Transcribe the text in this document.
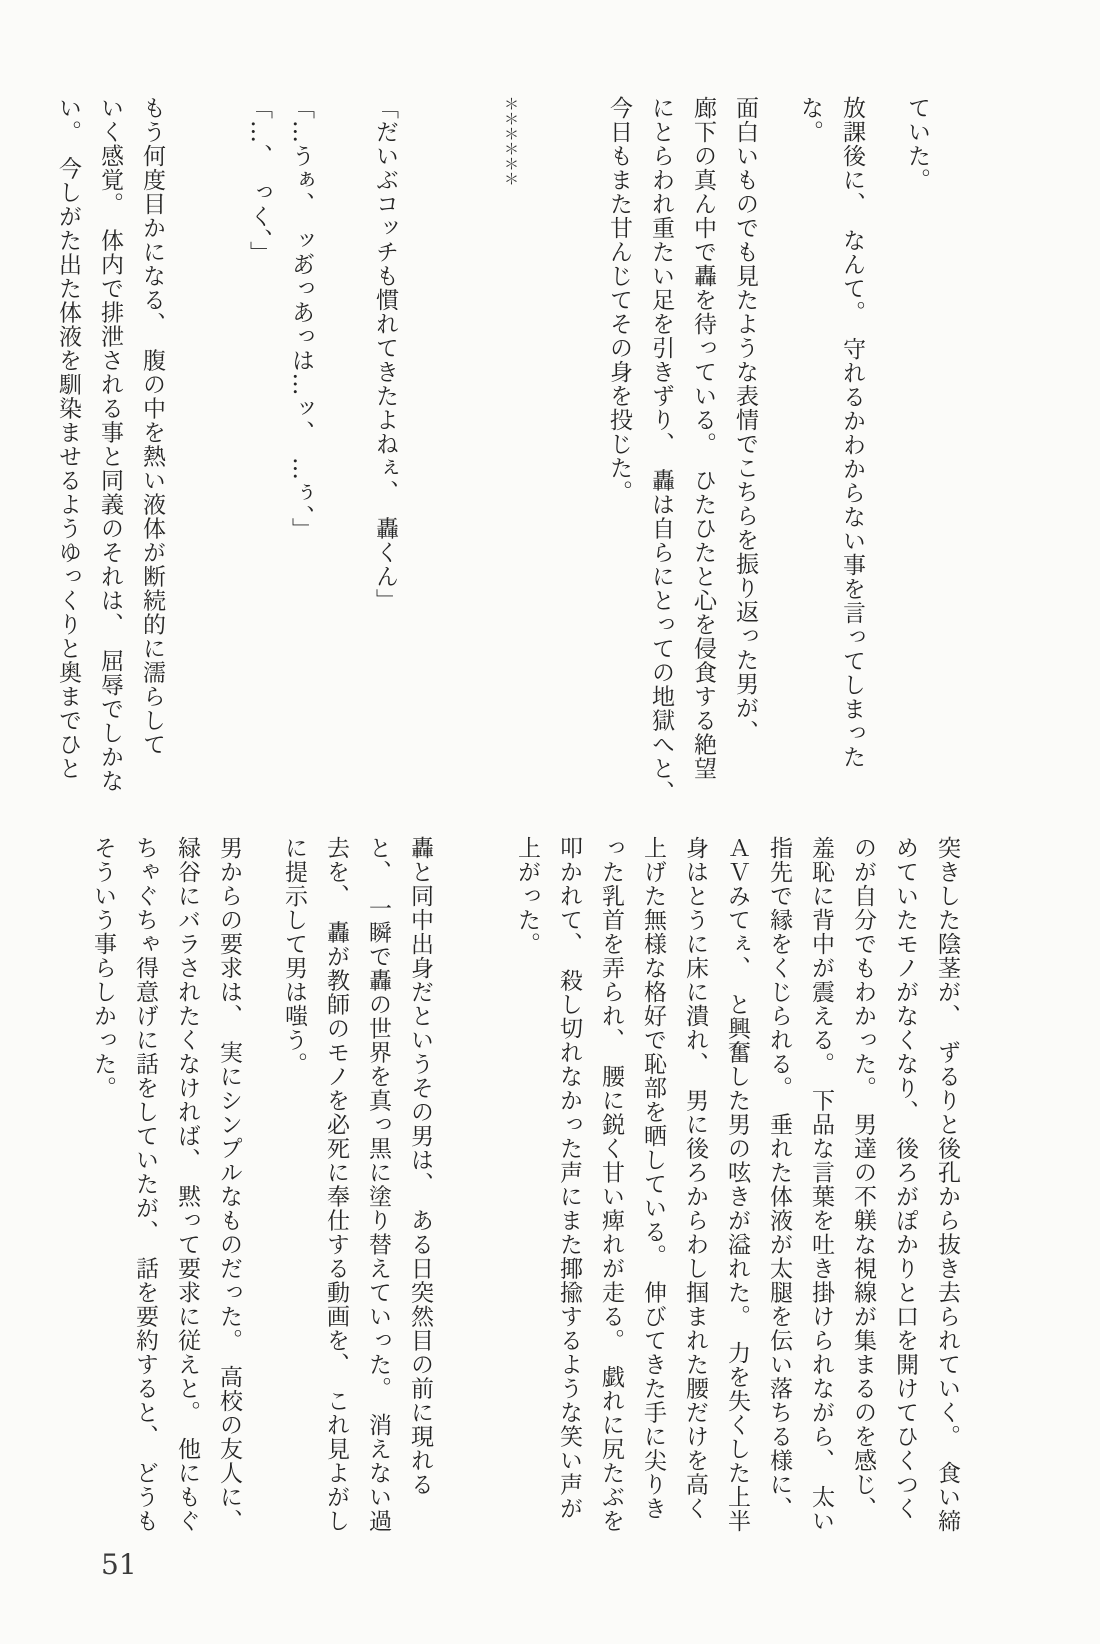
ていた。
放課後に、　なんて。　守れるかわからない事を言ってしまった
な。
面白いものでも見たような表情でこちらを振り返った男が、
廊下の真ん中で轟を待っている。　ひたひたと心を侵食する絶望
にとらわれ重たい足を引きずり、　轟は自らにとっての地獄へと、
今日もまた甘んじてその身を投じた。
＊＊＊＊＊＊
「だいぶコッチも慣れてきたよねぇ、　轟くん」
「…うぁ、　ッあ゙っあっは…ッ、　…ぅ、」
「…、　っく、」
もう何度目かになる、　腹の中を熱い液体が断続的に濡らして
いく感覚。　体内で排泄される事と同義のそれは、　屈辱でしかな
い。　今しがた出た体液を馴染ませるようゆっくりと奥までひと
突きした陰茎が、　ずるりと後孔から抜き去られていく。　食い締
めていたモノがなくなり、　後ろがぽかりと口を開けてひくつく
のが自分でもわかった。　男達の不躾な視線が集まるのを感じ、
羞恥に背中が震える。　下品な言葉を吐き掛けられながら、　太い
指先で縁をくじられる。　垂れた体液が太腿を伝い落ちる様に、
ＡＶみてぇ、　と興奮した男の呟きが溢れた。　力を失くした上半
身はとうに床に潰れ、　男に後ろからわし掴まれた腰だけを高く
上げた無様な格好で恥部を晒している。　伸びてきた手に尖りき
った乳首を弄られ、　腰に鋭く甘い痺れが走る。　戯れに尻たぶを
叩かれて、　殺し切れなかった声にまた揶揄するような笑い声が
上がった。
轟と同中出身だというその男は、　ある日突然目の前に現れる
と、　一瞬で轟の世界を真っ黒に塗り替えていった。　消えない過
去を、　轟が教師のモノを必死に奉仕する動画を、　これ見よがし
に提示して男は嗤う。
男からの要求は、　実にシンプルなものだった。　高校の友人に、
緑谷にバラされたくなければ、　黙って要求に従えと。　他にもぐ
ちゃぐちゃ得意げに話をしていたが、　話を要約すると、　どうも
そういう事らしかった。
51
